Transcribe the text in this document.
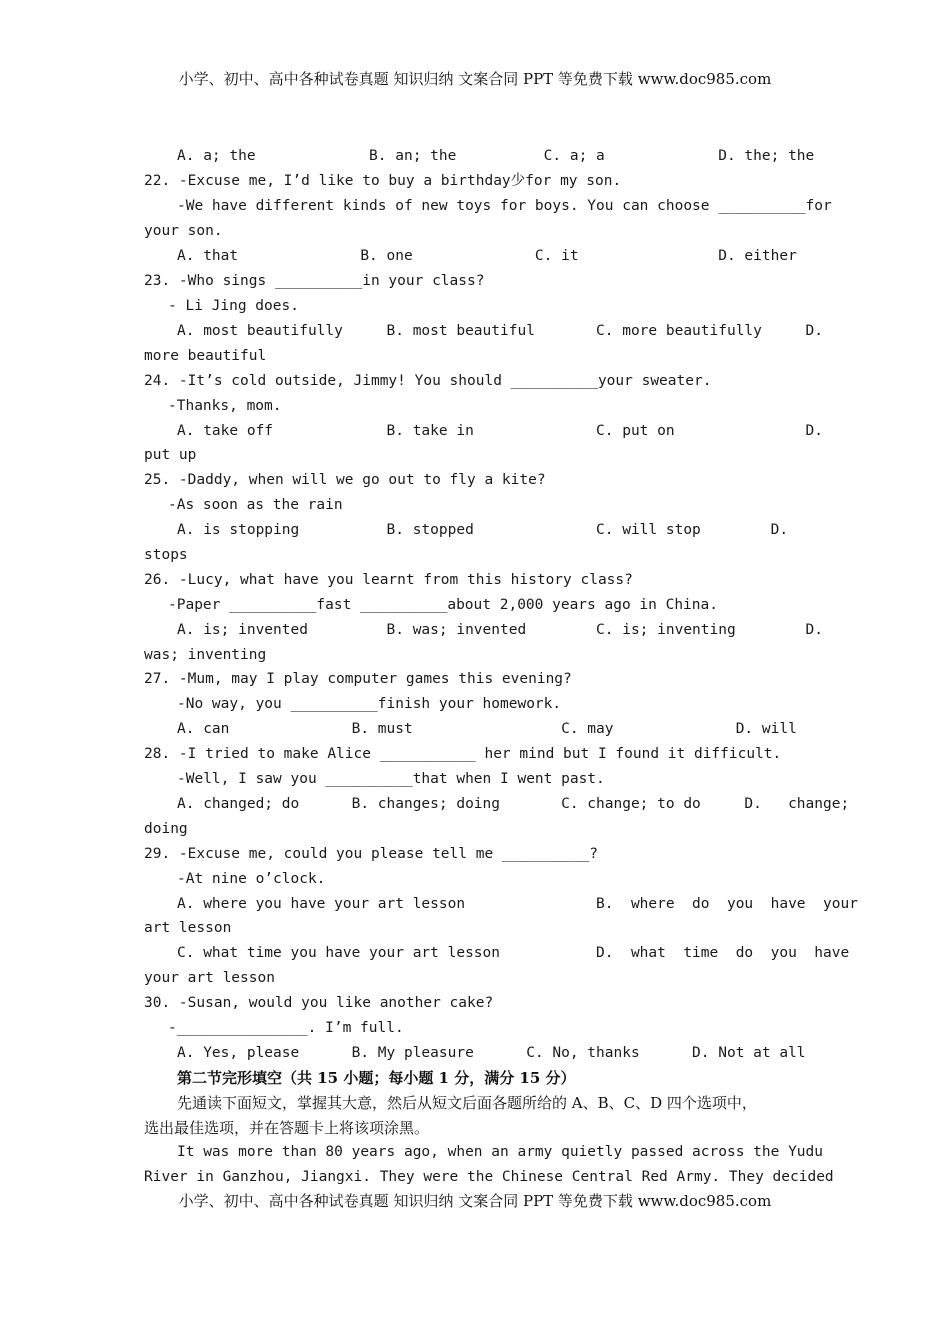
小学、初中、高中各种试卷真题 知识归纳 文案合同 PPT 等免费下载 www.doc985.com
A. a; the             B. an; the          C. a; a             D. the; the
22. -Excuse me, I’d like to buy a birthday少for my son.
-We have different kinds of new toys for boys. You can choose __________for
your son.
A. that              B. one              C. it                D. either
23. -Who sings __________in your class?
- Li Jing does.
A. most beautifully     B. most beautiful       C. more beautifully     D.
more beautiful
24. -It’s cold outside, Jimmy! You should __________your sweater.
-Thanks, mom.
A. take off             B. take in              C. put on               D.
put up
25. -Daddy, when will we go out to fly a kite?
-As soon as the rain
A. is stopping          B. stopped              C. will stop        D.
stops
26. -Lucy, what have you learnt from this history class?
-Paper __________fast __________about 2,000 years ago in China.
A. is; invented         B. was; invented        C. is; inventing        D.
was; inventing
27. -Mum, may I play computer games this evening?
-No way, you __________finish your homework.
A. can              B. must                 C. may              D. will
28. -I tried to make Alice ___________ her mind but I found it difficult.
-Well, I saw you __________that when I went past.
A. changed; do      B. changes; doing       C. change; to do     D.   change;
doing
29. -Excuse me, could you please tell me __________?
-At nine o’clock.
A. where you have your art lesson               B.  where  do  you  have  your
art lesson
C. what time you have your art lesson           D.  what  time  do  you  have
your art lesson
30. -Susan, would you like another cake?
-_______________. I’m full.
A. Yes, please      B. My pleasure      C. No, thanks      D. Not at all
第二节完形填空（共 15 小题；每小题 1 分，满分 15 分）
先通读下面短文，掌握其大意，然后从短文后面各题所给的 A、B、C、D 四个选项中，
选出最佳选项，并在答题卡上将该项涂黑。
It was more than 80 years ago, when an army quietly passed across the Yudu
River in Ganzhou, Jiangxi. They were the Chinese Central Red Army. They decided
小学、初中、高中各种试卷真题 知识归纳 文案合同 PPT 等免费下载 www.doc985.com
